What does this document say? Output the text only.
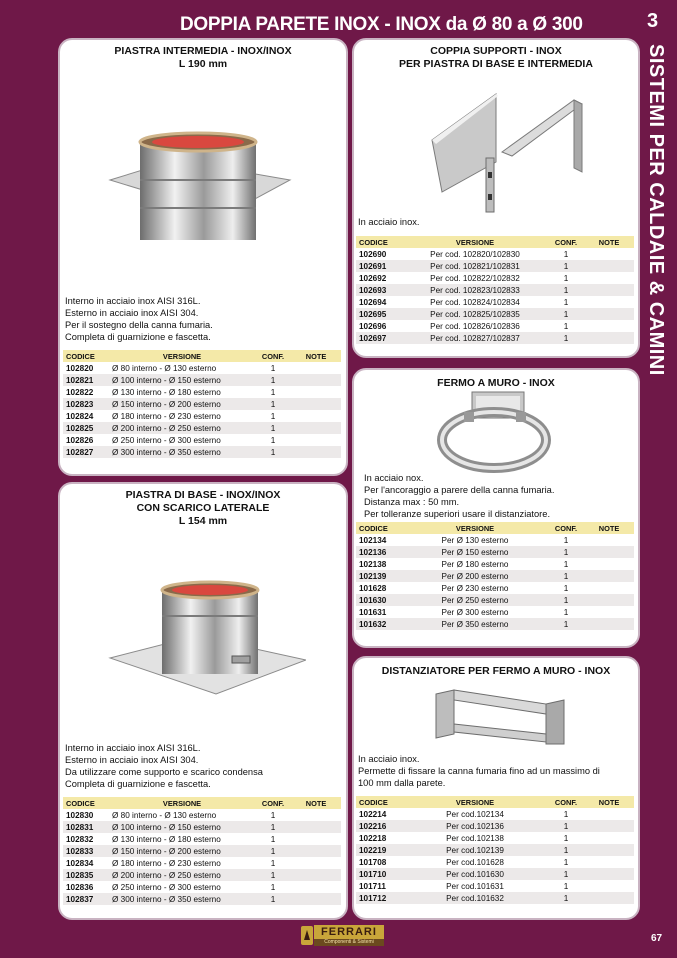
DOPPIA PARETE INOX - INOX da Ø 80 a Ø 300	3
SISTEMI PER CALDAIE & CAMINI
PIASTRA INTERMEDIA - INOX/INOX
L 190 mm
Interno in acciaio inox AISI 316L.
Esterno in acciaio inox AISI 304.
Per il sostegno della canna fumaria.
Completa di guarnizione e fascetta.
CODICE	VERSIONE	CONF.	NOTE
102820	Ø 80 interno - Ø 130 esterno	1	
102821	Ø 100 interno - Ø 150 esterno	1	
102822	Ø 130 interno - Ø 180 esterno	1	
102823	Ø 150 interno - Ø 200 esterno	1	
102824	Ø 180 interno - Ø 230 esterno	1	
102825	Ø 200 interno - Ø 250 esterno	1	
102826	Ø 250 interno - Ø 300 esterno	1	
102827	Ø 300 interno - Ø 350 esterno	1	
COPPIA SUPPORTI - INOX
PER PIASTRA DI BASE E INTERMEDIA
In acciaio inox.
CODICE	VERSIONE	CONF.	NOTE
102690	Per cod. 102820/102830	1	
102691	Per cod. 102821/102831	1	
102692	Per cod. 102822/102832	1	
102693	Per cod. 102823/102833	1	
102694	Per cod. 102824/102834	1	
102695	Per cod. 102825/102835	1	
102696	Per cod. 102826/102836	1	
102697	Per cod. 102827/102837	1	
FERMO A MURO - INOX
In acciaio nox.
Per l'ancoraggio a parere della canna fumaria.
Distanza max : 50 mm.
Per tolleranze superiori usare il distanziatore.
CODICE	VERSIONE	CONF.	NOTE
102134	Per Ø 130 esterno	1	
102136	Per Ø 150 esterno	1	
102138	Per Ø 180 esterno	1	
102139	Per Ø 200 esterno	1	
101628	Per Ø 230 esterno	1	
101630	Per Ø 250 esterno	1	
101631	Per Ø 300 esterno	1	
101632	Per Ø 350 esterno	1	
PIASTRA DI BASE - INOX/INOX
CON SCARICO LATERALE
L 154 mm
Interno in acciaio inox AISI 316L.
Esterno in acciaio inox AISI 304.
Da utilizzare come supporto e scarico condensa
Completa di guarnizione e fascetta.
CODICE	VERSIONE	CONF.	NOTE
102830	Ø 80 interno - Ø 130 esterno	1	
102831	Ø 100 interno - Ø 150 esterno	1	
102832	Ø 130 interno - Ø 180 esterno	1	
102833	Ø 150 interno - Ø 200 esterno	1	
102834	Ø 180 interno - Ø 230 esterno	1	
102835	Ø 200 interno - Ø 250 esterno	1	
102836	Ø 250 interno - Ø 300 esterno	1	
102837	Ø 300 interno - Ø 350 esterno	1	
DISTANZIATORE PER FERMO A MURO - INOX
In acciaio inox.
Permette di fissare la canna fumaria fino ad un massimo di
100 mm dalla parete.
CODICE	VERSIONE	CONF.	NOTE
102214	Per cod.102134	1	
102216	Per cod.102136	1	
102218	Per cod.102138	1	
102219	Per cod.102139	1	
101708	Per cod.101628	1	
101710	Per cod.101630	1	
101711	Per cod.101631	1	
101712	Per cod.101632	1	
FERRARI
Componenti & Sistemi	67
